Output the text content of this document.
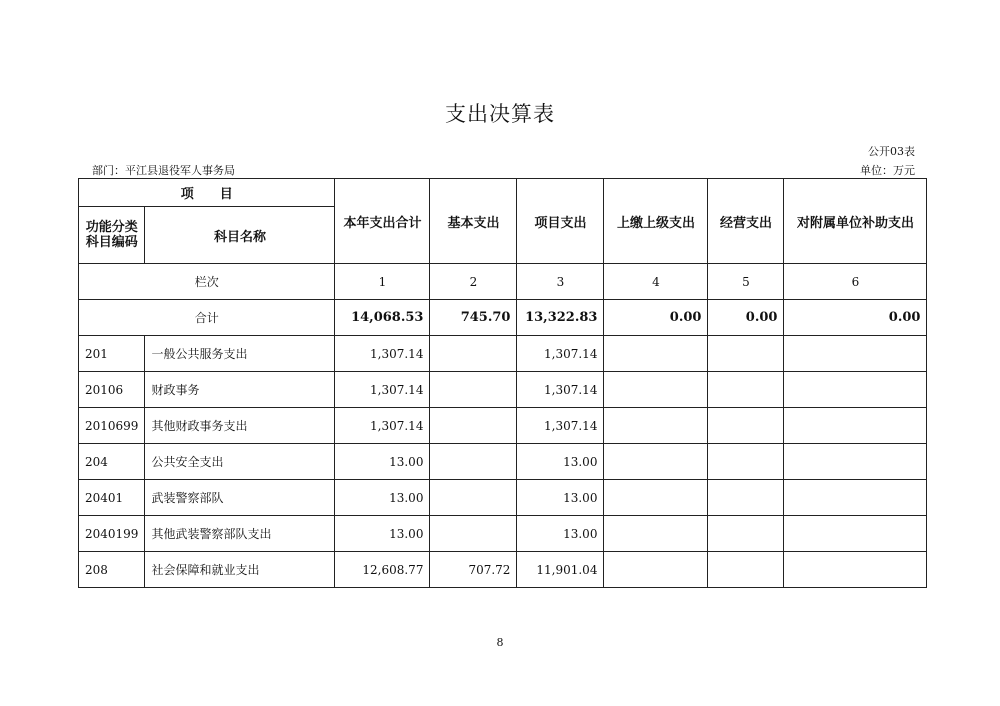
支出决算表
公开03表
部门：平江县退役军人事务局	单位：万元
项　　目		本年支出合计	基本支出	项目支出	上缴上级支出	经营支出	对附属单位补助支出
功能分类科目编码	科目名称						
栏次		1	2	3	4	5	6
合计		14,068.53	745.70	13,322.83	0.00	0.00	0.00
201	一般公共服务支出	1,307.14		1,307.14			
20106	财政事务	1,307.14		1,307.14			
2010699	其他财政事务支出	1,307.14		1,307.14			
204	公共安全支出	13.00		13.00			
20401	武装警察部队	13.00		13.00			
2040199	其他武装警察部队支出	13.00		13.00			
208	社会保障和就业支出	12,608.77	707.72	11,901.04			
8
